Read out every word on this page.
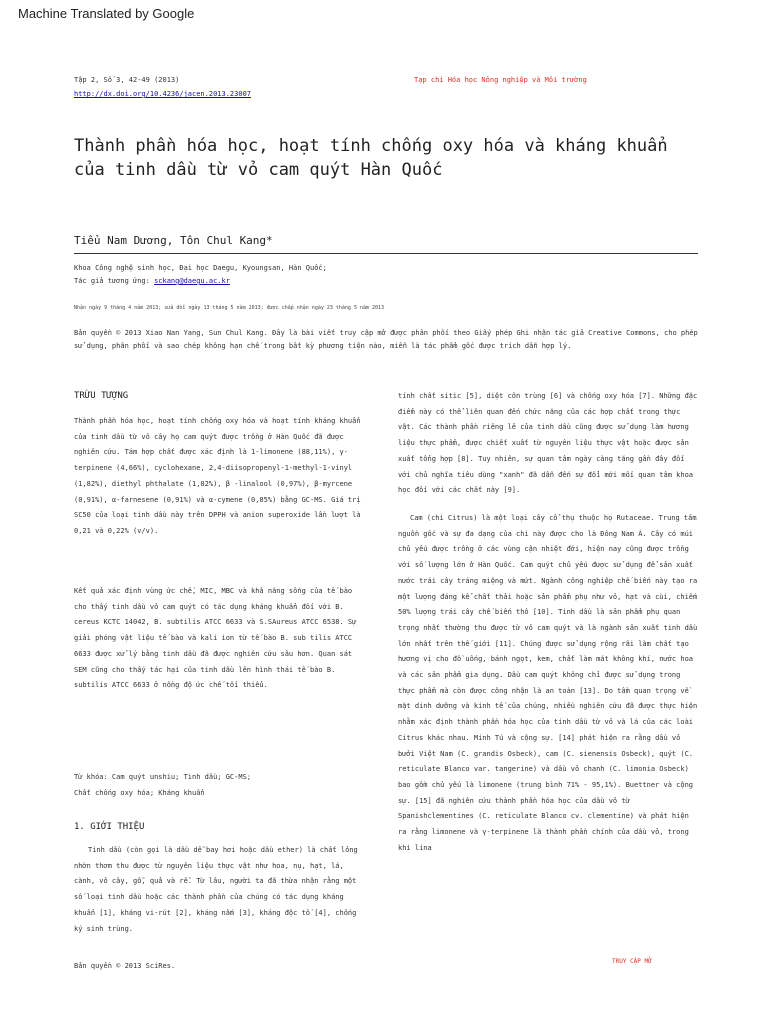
Machine Translated by Google
Tập 2, Số 3, 42-49 (2013)	Tạp chí Hóa học Nông nghiệp và Môi trường
http://dx.doi.org/10.4236/jacen.2013.23007
Thành phần hóa học, hoạt tính chống oxy hóa và kháng khuẩn
của tinh dầu từ vỏ cam quýt Hàn Quốc

Tiểu Nam Dương, Tôn Chul Kang*

Khoa Công nghệ sinh học, Đại học Daegu, Kyoungsan, Hàn Quốc;
Tác giả tương ứng: sckang@daegu.ac.kr
Nhận ngày 9 tháng 4 năm 2013; sửa đổi ngày 13 tháng 5 năm 2013; được chấp nhận ngày 23 tháng 5 năm 2013

Bản quyền © 2013 Xiao Nan Yang, Sun Chul Kang. Đây là bài viết truy cập mở được phân phối theo Giấy phép Ghi nhận tác giả Creative Commons, cho phép sử dụng, phân phối và sao chép không hạn chế trong bất kỳ phương tiện nào, miễn là tác phẩm gốc được trích dẫn hợp lý.

TRỪU TƯỢNG

Thành phần hóa học, hoạt tính chống oxy hóa và hoạt tính kháng khuẩn của tinh dầu từ vỏ cây họ cam quýt được trồng ở Hàn Quốc đã được nghiên cứu. Tám hợp chất được xác định là 1-limonene (88,11%), γ-terpinene (4,66%), cyclohexane, 2,4-diisopropenyl-1-methyl-1-vinyl (1,82%), diethyl phthalate (1,02%), β -linalool (0,97%), β-myrcene (0,91%), α-farnesene (0,91%) và α-cymene (0,85%) bằng GC-MS. Giá trị SC50 của loại tinh dầu này trên DPPH và anion superoxide lần lượt là 0,21 và 0,22% (v/v).

Kết quả xác định vùng ức chế, MIC, MBC và khả năng sống của tế bào cho thấy tinh dầu vỏ cam quýt có tác dụng kháng khuẩn đối với B. cereus KCTC 14042, B. subtilis ATCC 6633 và S.SAureus ATCC 6538. Sự giải phóng vật liệu tế bào và kali ion từ tế bào B. sub tilis ATCC 6633 được xử lý bằng tinh dầu đã được nghiên cứu sâu hơn. Quan sát SEM cũng cho thấy tác hại của tinh dầu lên hình thái tế bào B. subtilis ATCC 6633 ở nồng độ ức chế tối thiểu.

Từ khóa: Cam quýt unshiu; Tinh dầu; GC-MS;
Chất chống oxy hóa; Kháng khuẩn
1. GIỚI THIỆU

Tinh dầu (còn gọi là dầu dễ bay hơi hoặc dầu ether) là chất lỏng nhờn thơm thu được từ nguyên liệu thực vật như hoa, nụ, hạt, lá, cành, vỏ cây, gỗ, quả và rễ. Từ lâu, người ta đã thừa nhận rằng một số loại tinh dầu hoặc các thành phần của chúng có tác dụng kháng khuẩn [1], kháng vi-rút [2], kháng nấm [3], kháng độc tố [4], chống ký sinh trùng.

tính chất sitic [5], diệt côn trùng [6] và chống oxy hóa [7]. Những đặc điểm này có thể liên quan đến chức năng của các hợp chất trong thực vật. Các thành phần riêng lẻ của tinh dầu cũng được sử dụng làm hương liệu thực phẩm, được chiết xuất từ nguyên liệu thực vật hoặc được sản xuất tổng hợp [8]. Tuy nhiên, sự quan tâm ngày càng tăng gần đây đối với chủ nghĩa tiêu dùng "xanh" đã dẫn đến sự đổi mới mối quan tâm khoa học đối với các chất này [9].

Cam (chi Citrus) là một loại cây cổ thụ thuộc họ Rutaceae. Trung tâm nguồn gốc và sự đa dạng của chi này được cho là Đông Nam Á. Cây có múi chủ yếu được trồng ở các vùng cận nhiệt đới, hiện nay cũng được trồng với số lượng lớn ở Hàn Quốc. Cam quýt chủ yếu được sử dụng để sản xuất nước trái cây tráng miệng và mứt. Ngành công nghiệp chế biến này tạo ra một lượng đáng kể chất thải hoặc sản phẩm phụ như vỏ, hạt và cùi, chiếm 50% lượng trái cây chế biến thô [10]. Tinh dầu là sản phẩm phụ quan trọng nhất thường thu được từ vỏ cam quýt và là ngành sản xuất tinh dầu lớn nhất trên thế giới [11]. Chúng được sử dụng rộng rãi làm chất tạo hương vị cho đồ uống, bánh ngọt, kem, chất làm mát không khí, nước hoa và các sản phẩm gia dụng. Dầu cam quýt không chỉ được sử dụng trong thực phẩm mà còn được công nhận là an toàn [13]. Do tầm quan trọng về mặt dinh dưỡng và kinh tế của chúng, nhiều nghiên cứu đã được thực hiện nhằm xác định thành phần hóa học của tinh dầu từ vỏ và lá của các loài Citrus khác nhau. Minh Tú và cộng sự. [14] phát hiện ra rằng dầu vỏ bưởi Việt Nam (C. grandis Osbeck), cam (C. sienensis Osbeck), quýt (C. reticulate Blanco var. tangerine) và dầu vỏ chanh (C. limonia Osbeck) bao gồm chủ yếu là limonene (trung bình 71% - 95,1%). Buettner và cộng sự. [15] đã nghiên cứu thành phần hóa học của dầu vỏ từ Spanishclementines (C. reticulate Blanco cv. clementine) và phát hiện ra rằng limonene và γ-terpinene là thành phần chính của dầu vỏ, trong khi lina

Bản quyền © 2013 SciRes.
TRUY CẬP MỞ
